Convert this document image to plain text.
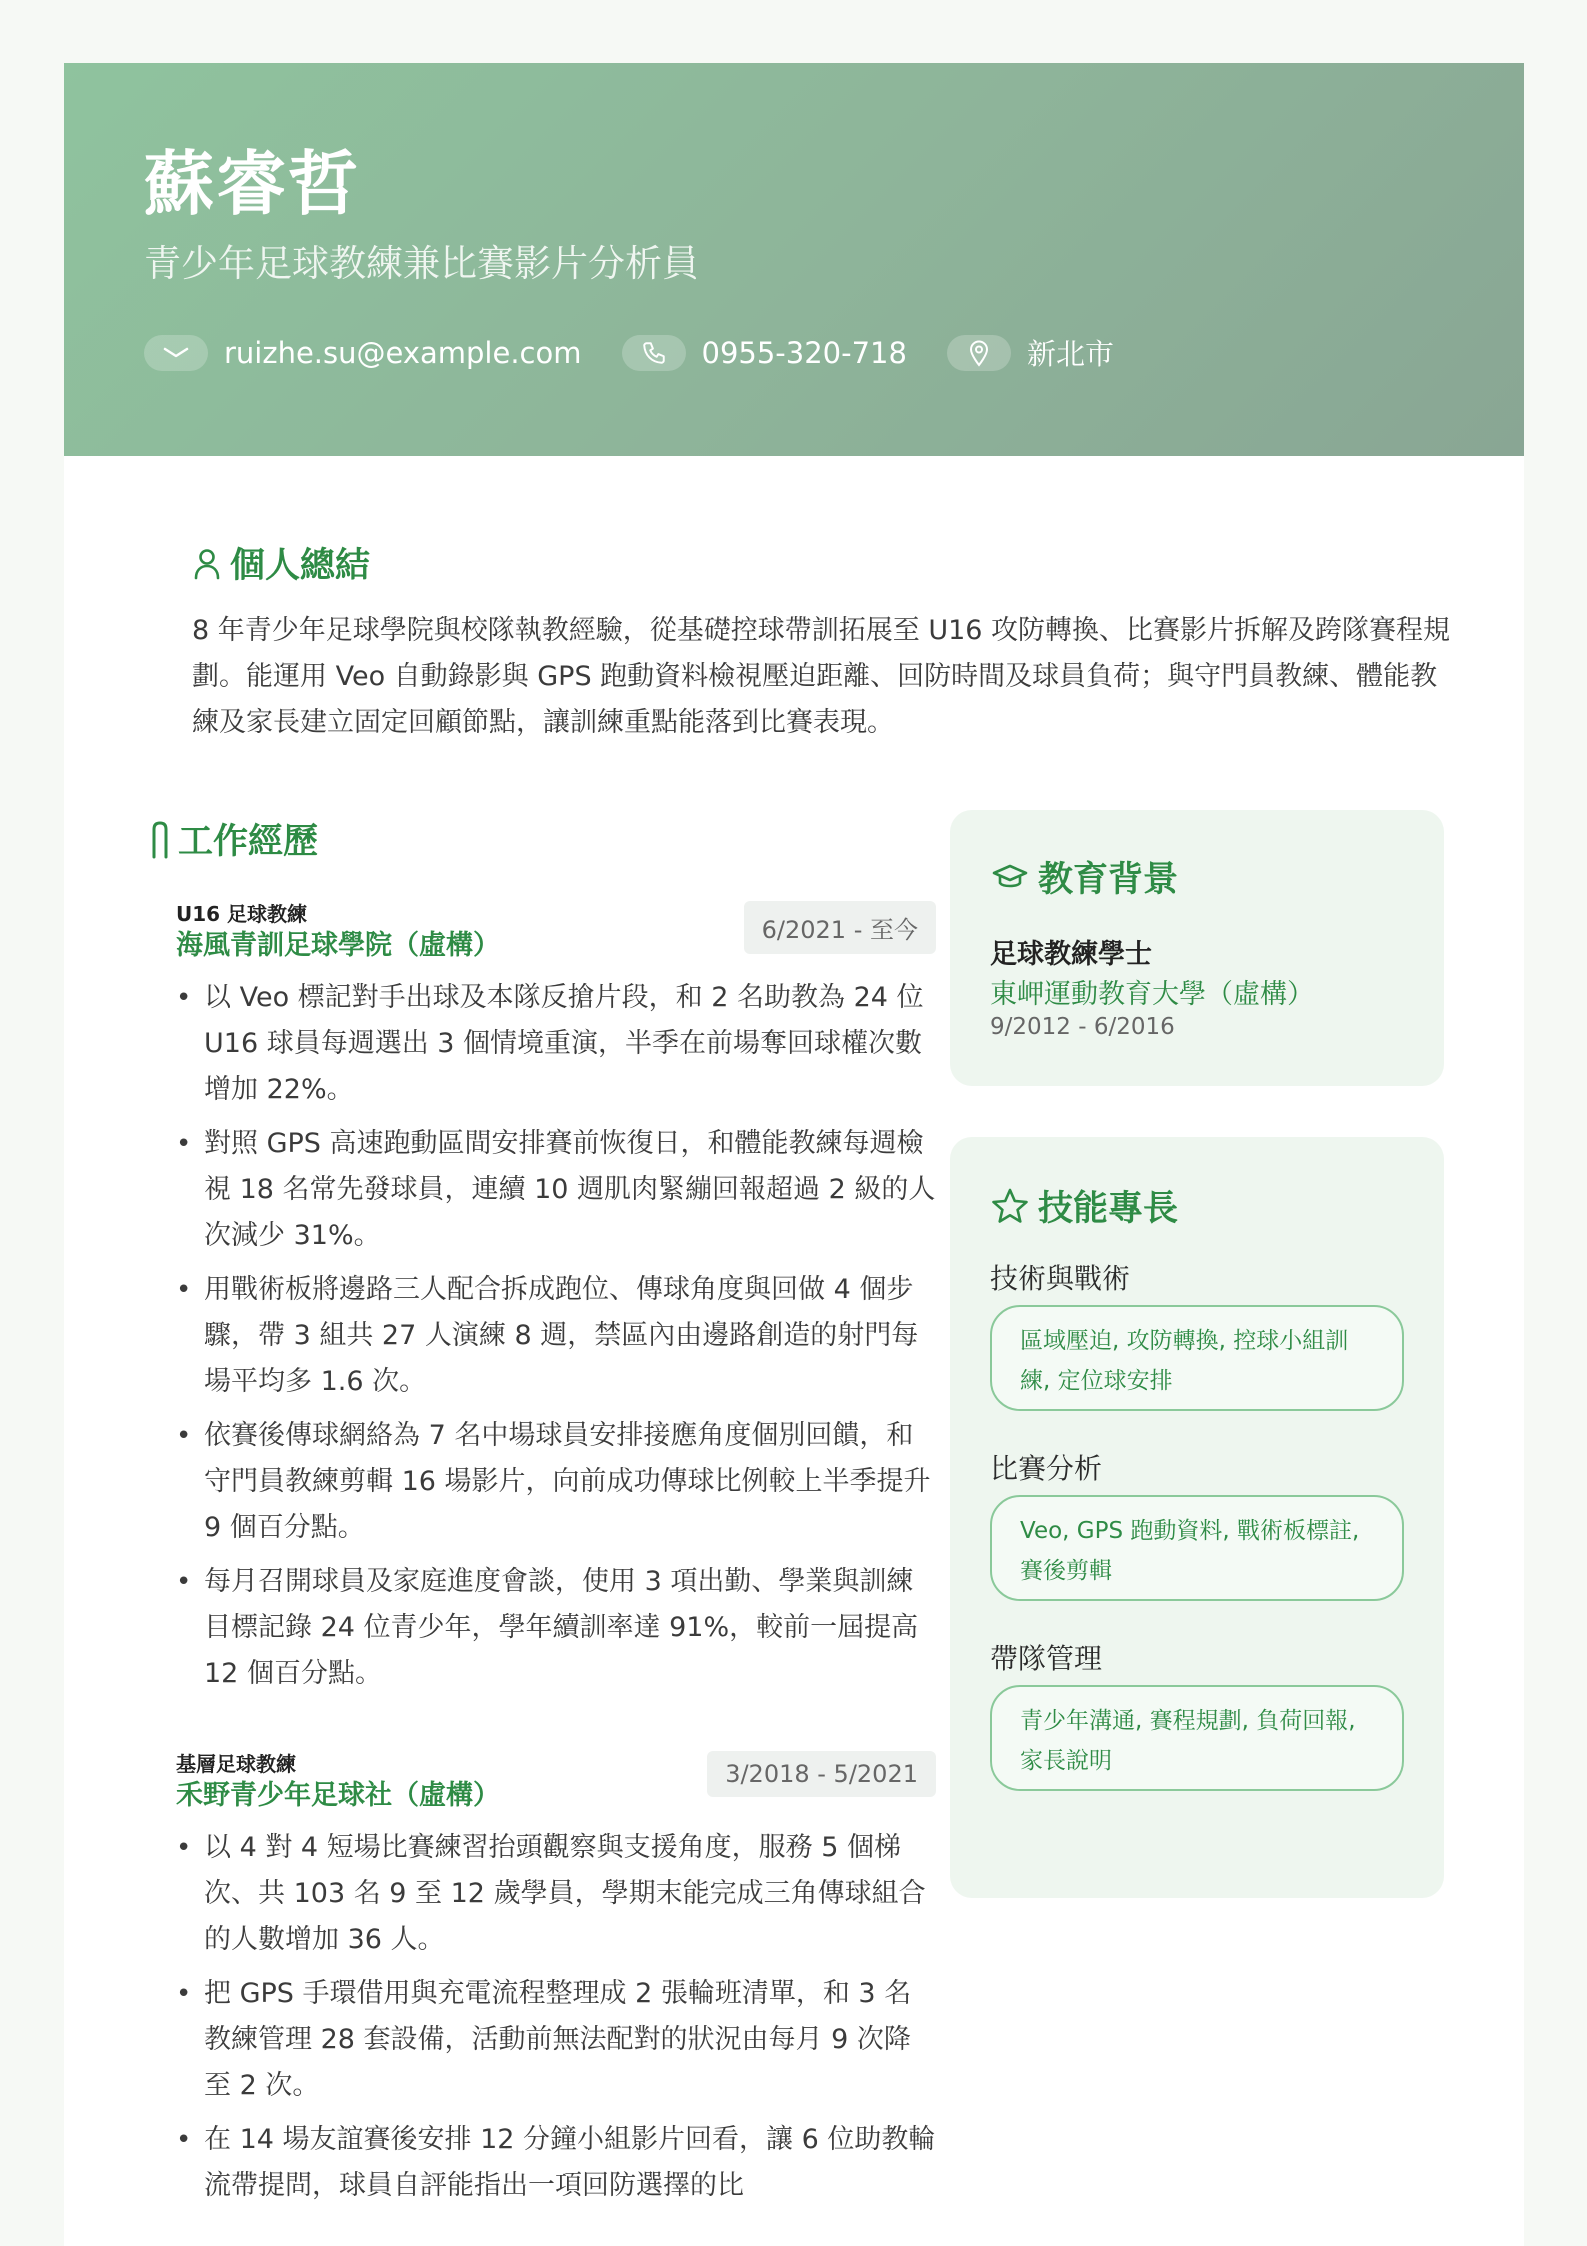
蘇睿哲
青少年足球教練兼比賽影片分析員
ruizhe.su@example.com	0955-320-718	新北市
個人總結
8 年青少年足球學院與校隊執教經驗，從基礎控球帶訓拓展至 U16 攻防轉換、比賽影片拆解及跨隊賽程規劃。能運用 Veo 自動錄影與 GPS 跑動資料檢視壓迫距離、回防時間及球員負荷；與守門員教練、體能教練及家長建立固定回顧節點，讓訓練重點能落到比賽表現。
工作經歷
U16 足球教練
海風青訓足球學院（虛構）	6/2021 - 至今
• 以 Veo 標記對手出球及本隊反搶片段，和 2 名助教為 24 位 U16 球員每週選出 3 個情境重演，半季在前場奪回球權次數增加 22%。
• 對照 GPS 高速跑動區間安排賽前恢復日，和體能教練每週檢視 18 名常先發球員，連續 10 週肌肉緊繃回報超過 2 級的人次減少 31%。
• 用戰術板將邊路三人配合拆成跑位、傳球角度與回做 4 個步驟，帶 3 組共 27 人演練 8 週，禁區內由邊路創造的射門每場平均多 1.6 次。
• 依賽後傳球網絡為 7 名中場球員安排接應角度個別回饋，和守門員教練剪輯 16 場影片，向前成功傳球比例較上半季提升 9 個百分點。
• 每月召開球員及家庭進度會談，使用 3 項出勤、學業與訓練目標記錄 24 位青少年，學年續訓率達 91%，較前一屆提高 12 個百分點。
基層足球教練
禾野青少年足球社（虛構）
3/2018 - 5/2021
• 以 4 對 4 短場比賽練習抬頭觀察與支援角度，服務 5 個梯次、共 103 名 9 至 12 歲學員，學期末能完成三角傳球組合的人數增加 36 人。
• 把 GPS 手環借用與充電流程整理成 2 張輪班清單，和 3 名教練管理 28 套設備，活動前無法配對的狀況由每月 9 次降至 2 次。
• 在 14 場友誼賽後安排 12 分鐘小組影片回看，讓 6 位助教輪流帶提問，球員自評能指出一項回防選擇的比
教育背景
足球教練學士
東岬運動教育大學（虛構）
9/2012 - 6/2016
技能專長
技術與戰術
區域壓迫, 攻防轉換, 控球小組訓練, 定位球安排
比賽分析
Veo, GPS 跑動資料, 戰術板標註, 賽後剪輯
帶隊管理
青少年溝通, 賽程規劃, 負荷回報, 家長說明
